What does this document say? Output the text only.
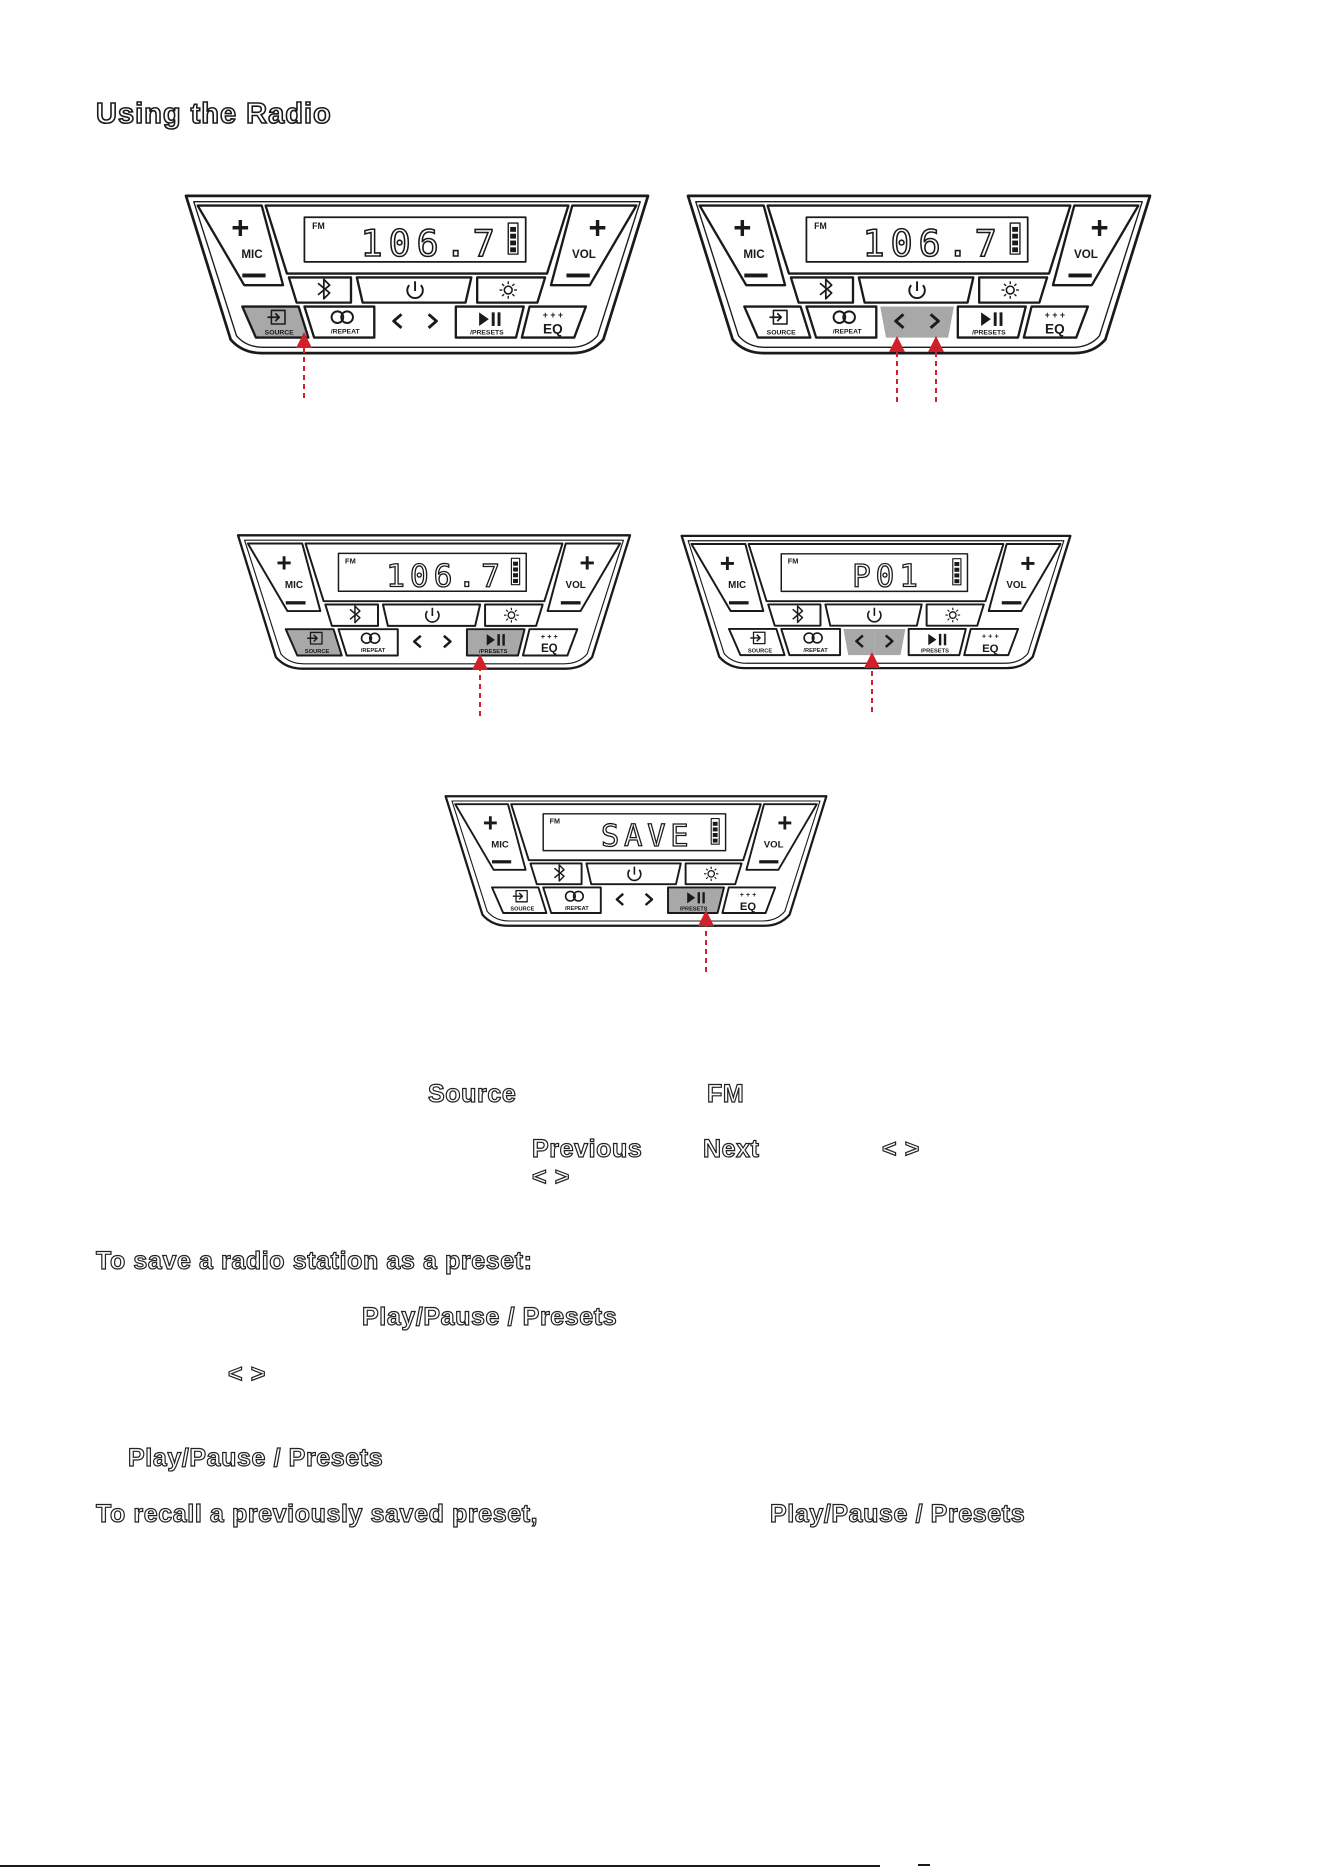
Using the Radio
+
MIC
+
VOL
FM 106.7
SOURCE	/REPEAT	/PRESETS
+ + +
EQ
+
MIC
+
VOL
FM 106.7
SOURCE	/REPEAT	/PRESETS
+ + +
EQ
+
MIC
+
VOL
FM 106.7
SOURCE	/REPEAT	/PRESETS
+ + +
EQ
+
MIC
+
VOL
FM P01
SOURCE	/REPEAT	/PRESETS
+ + +
EQ
+
MIC
+
VOL
FM SAVE
SOURCE	/REPEAT	/PRESETS
+ + +
EQ
Source	FM
Previous Next	< >
< >
To save a radio station as a preset:
Play/Pause / Presets
< >
Play/Pause / Presets
To recall a previously saved preset,	Play/Pause / Presets
